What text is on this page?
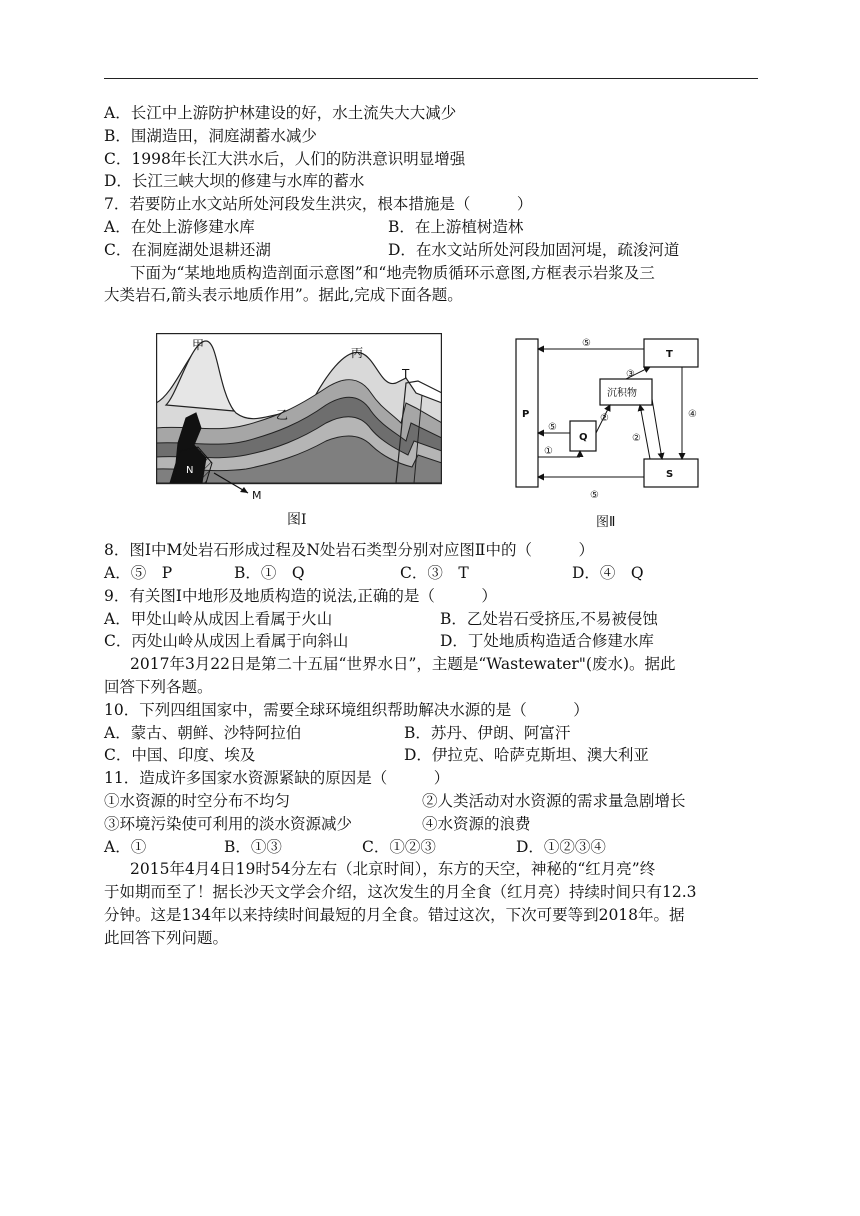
A．长江中上游防护林建设的好，水土流失大大减少
B．围湖造田，洞庭湖蓄水减少
C．1998年长江大洪水后，人们的防洪意识明显增强
D．长江三峡大坝的修建与水库的蓄水
7．若要防止水文站所处河段发生洪灾，根本措施是（　　　）
A．在处上游修建水库	B．在上游植树造林
C．在洞庭湖处退耕还湖	D．在水文站所处河段加固河堤，疏浚河道
下面为“某地地质构造剖面示意图”和“地壳物质循环示意图,方框表示岩浆及三
大类岩石,箭头表示地质作用”。据此,完成下面各题。
甲
乙
丙
T
N
M
P
T
S
Q
沉积物
⑤
③
④
⑤
②
②
①
⑤
图Ⅰ	图Ⅱ
8．图Ⅰ中M处岩石形成过程及N处岩石类型分别对应图Ⅱ中的（　　　）
A．⑤　P	B．①　Q	C．③　T	D．④　Q
9．有关图Ⅰ中地形及地质构造的说法,正确的是（　　　）
A．甲处山岭从成因上看属于火山	B．乙处岩石受挤压,不易被侵蚀
C．丙处山岭从成因上看属于向斜山	D．丁处地质构造适合修建水库
2017年3月22日是第二十五届“世界水日”，主题是“Wastewater"(废水)。据此
回答下列各题。
10．下列四组国家中，需要全球环境组织帮助解决水源的是（　　　）
A．蒙古、朝鲜、沙特阿拉伯	B．苏丹、伊朗、阿富汗
C．中国、印度、埃及	D．伊拉克、哈萨克斯坦、澳大利亚
11．造成许多国家水资源紧缺的原因是（　　　）
①水资源的时空分布不均匀	②人类活动对水资源的需求量急剧增长
③环境污染使可利用的淡水资源减少	④水资源的浪费
A．①	B．①③	C．①②③	D．①②③④
2015年4月4日19时54分左右（北京时间），东方的天空，神秘的“红月亮”终
于如期而至了！据长沙天文学会介绍，这次发生的月全食（红月亮）持续时间只有12.3
分钟。这是134年以来持续时间最短的月全食。错过这次，下次可要等到2018年。据
此回答下列问题。
